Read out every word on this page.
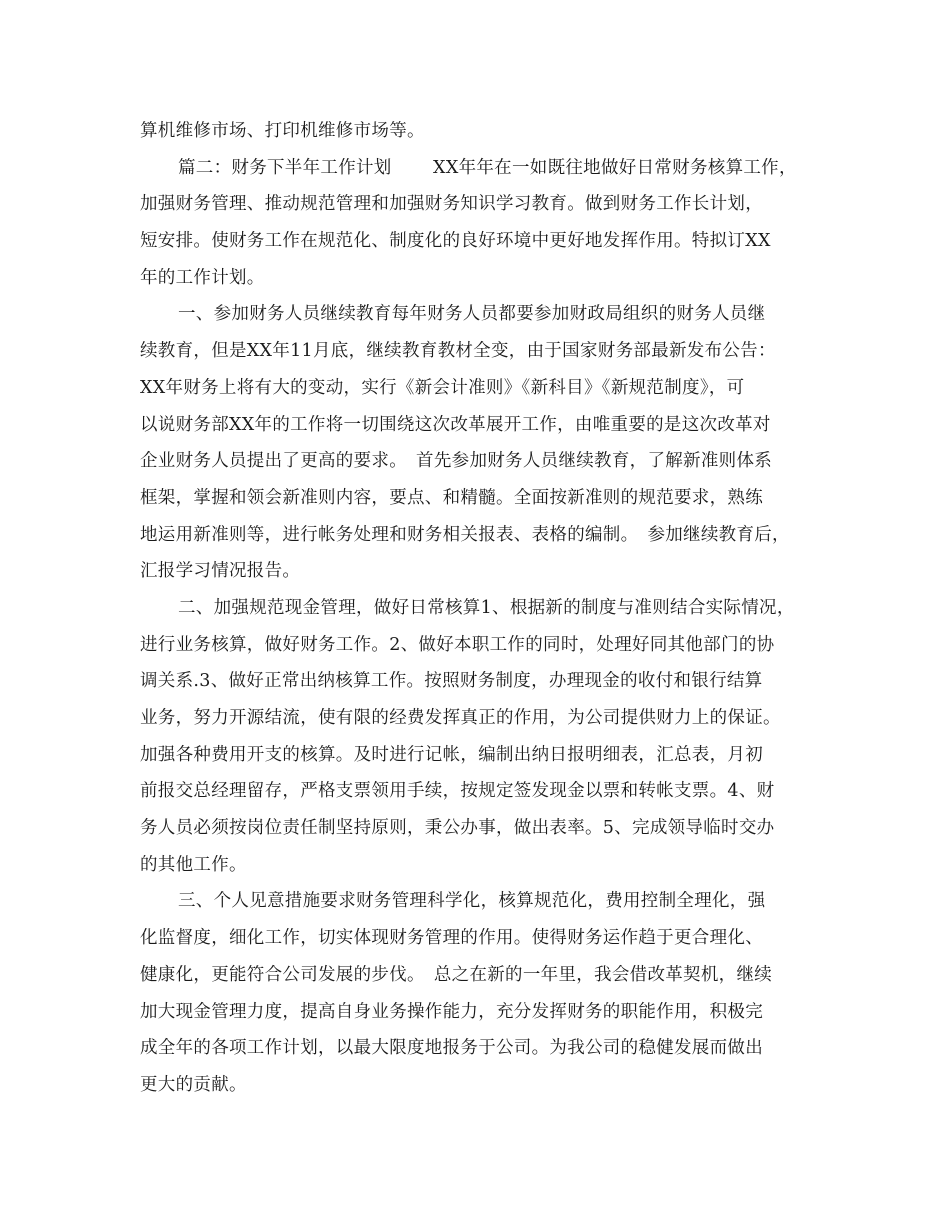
算机维修市场、打印机维修市场等。
篇二：财务下半年工作计划　　 XX年年在一如既往地做好日常财务核算工作，
加强财务管理、推动规范管理和加强财务知识学习教育。做到财务工作长计划，
短安排。使财务工作在规范化、制度化的良好环境中更好地发挥作用。特拟订XX
年的工作计划。
一、参加财务人员继续教育每年财务人员都要参加财政局组织的财务人员继
续教育，但是XX年11月底，继续教育教材全变，由于国家财务部最新发布公告：
XX年财务上将有大的变动，实行《新会计准则》《新科目》《新规范制度》，可
以说财务部XX年的工作将一切围绕这次改革展开工作，由唯重要的是这次改革对
企业财务人员提出了更高的要求。　首先参加财务人员继续教育，了解新准则体系
框架，掌握和领会新准则内容，要点、和精髓。全面按新准则的规范要求，熟练
地运用新准则等，进行帐务处理和财务相关报表、表格的编制。　参加继续教育后，
汇报学习情况报告。
二、加强规范现金管理，做好日常核算1、根据新的制度与准则结合实际情况，
进行业务核算，做好财务工作。2、做好本职工作的同时，处理好同其他部门的协
调关系.3、做好正常出纳核算工作。按照财务制度，办理现金的收付和银行结算
业务，努力开源结流，使有限的经费发挥真正的作用，为公司提供财力上的保证。
加强各种费用开支的核算。及时进行记帐，编制出纳日报明细表，汇总表，月初
前报交总经理留存，严格支票领用手续，按规定签发现金以票和转帐支票。4、财
务人员必须按岗位责任制坚持原则，秉公办事，做出表率。5、完成领导临时交办
的其他工作。
三、个人见意措施要求财务管理科学化，核算规范化，费用控制全理化，强
化监督度，细化工作，切实体现财务管理的作用。使得财务运作趋于更合理化、
健康化，更能符合公司发展的步伐。　总之在新的一年里，我会借改革契机，继续
加大现金管理力度，提高自身业务操作能力，充分发挥财务的职能作用，积极完
成全年的各项工作计划，以最大限度地报务于公司。为我公司的稳健发展而做出
更大的贡献。
